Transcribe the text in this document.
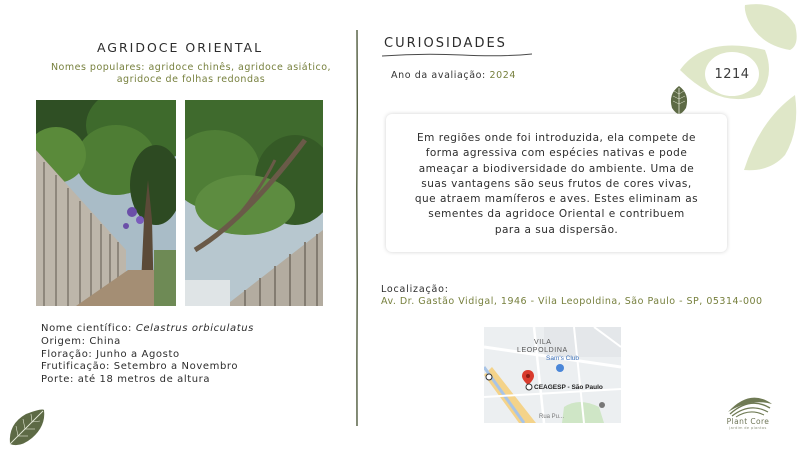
AGRIDOCE ORIENTAL
Nomes populares: agridoce chinês, agridoce asiático,
agridoce de folhas redondas
Nome científico: Celastrus orbiculatus
Origem: China
Floração: Junho a Agosto
Frutificação: Setembro a Novembro
Porte: até 18 metros de altura
CURIOSIDADES
Ano da avaliação: 2024
Em regiões onde foi introduzida, ela compete de
forma agressiva com espécies nativas e pode
ameaçar a biodiversidade do ambiente. Uma de
suas vantagens são seus frutos de cores vivas,
que atraem mamíferos e aves. Estes eliminam as
sementes da agridoce Oriental e contribuem
para a sua dispersão.
Localização:
Av. Dr. Gastão Vidigal, 1946 - Vila Leopoldina, São Paulo - SP, 05314-000
VILA
LEOPOLDINA
Sam's Club
CEAGESP - São Paulo
Rua Pu...
1214
Plant Core
jardim de plantas
